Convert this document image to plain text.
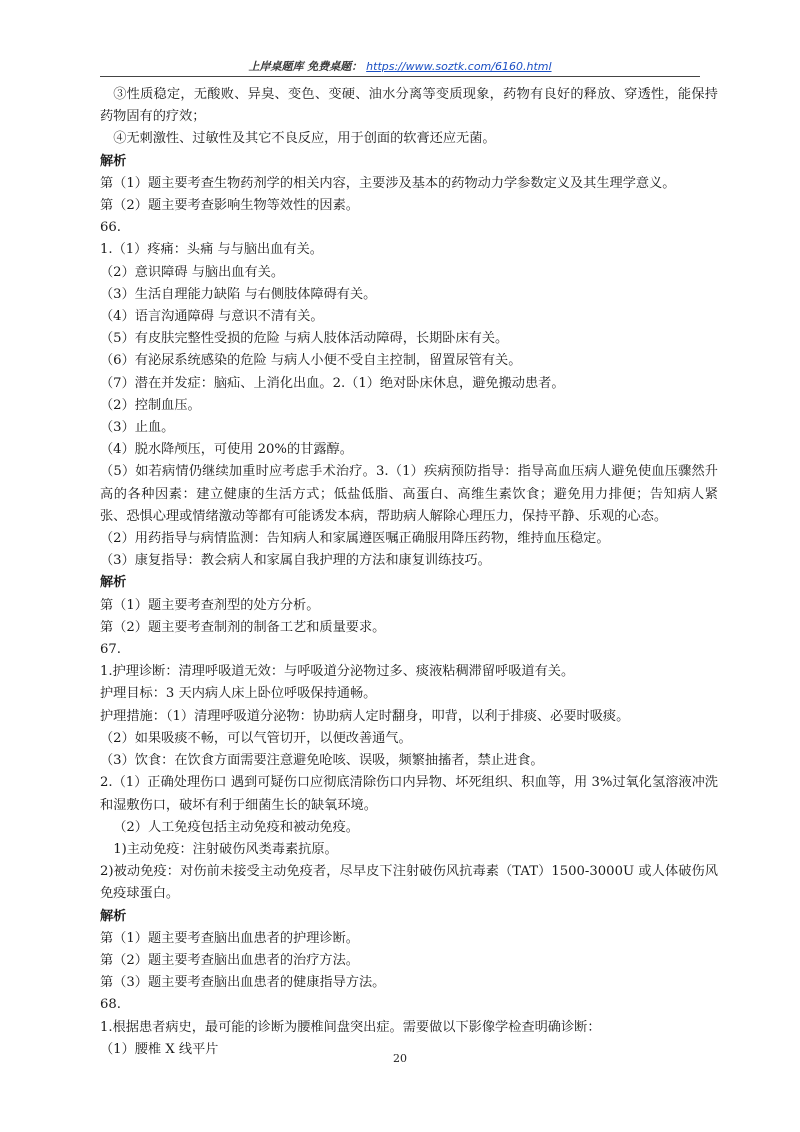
上岸桌题库 免费桌题： https://www.soztk.com/6160.html
③性质稳定，无酸败、异臭、变色、变硬、油水分离等变质现象，药物有良好的释放、穿透性，能保持药物固有的疗效；
④无刺激性、过敏性及其它不良反应，用于创面的软膏还应无菌。
解析
第（1）题主要考查生物药剂学的相关内容，主要涉及基本的药物动力学参数定义及其生理学意义。
第（2）题主要考查影响生物等效性的因素。
66.
1.（1）疼痛：头痛 与与脑出血有关。
（2）意识障碍 与脑出血有关。
（3）生活自理能力缺陷 与右侧肢体障碍有关。
（4）语言沟通障碍 与意识不清有关。
（5）有皮肤完整性受损的危险 与病人肢体活动障碍，长期卧床有关。
（6）有泌尿系统感染的危险 与病人小便不受自主控制，留置尿管有关。
（7）潜在并发症：脑疝、上消化出血。2.（1）绝对卧床休息，避免搬动患者。
（2）控制血压。
（3）止血。
（4）脱水降颅压，可使用 20%的甘露醇。
（5）如若病情仍继续加重时应考虑手术治疗。3.（1）疾病预防指导：指导高血压病人避免使血压骤然升高的各种因素：建立健康的生活方式；低盐低脂、高蛋白、高维生素饮食；避免用力排便；告知病人紧张、恐惧心理或情绪激动等都有可能诱发本病，帮助病人解除心理压力，保持平静、乐观的心态。
（2）用药指导与病情监测：告知病人和家属遵医嘱正确服用降压药物，维持血压稳定。
（3）康复指导：教会病人和家属自我护理的方法和康复训练技巧。
解析
第（1）题主要考查剂型的处方分析。
第（2）题主要考查制剂的制备工艺和质量要求。
67.
1.护理诊断：清理呼吸道无效：与呼吸道分泌物过多、痰液粘稠滞留呼吸道有关。
护理目标：3 天内病人床上卧位呼吸保持通畅。
护理措施：（1）清理呼吸道分泌物：协助病人定时翻身，叩背，以利于排痰、必要时吸痰。
（2）如果吸痰不畅，可以气管切开，以便改善通气。
（3）饮食：在饮食方面需要注意避免呛咳、误吸，频繁抽搐者，禁止进食。
2.（1）正确处理伤口 遇到可疑伤口应彻底清除伤口内异物、坏死组织、积血等，用 3%过氧化氢溶液冲洗和湿敷伤口，破坏有利于细菌生长的缺氧环境。
（2）人工免疫包括主动免疫和被动免疫。
1)主动免疫：注射破伤风类毒素抗原。
2)被动免疫：对伤前未接受主动免疫者，尽早皮下注射破伤风抗毒素（TAT）1500-3000U 或人体破伤风免疫球蛋白。
解析
第（1）题主要考查脑出血患者的护理诊断。
第（2）题主要考查脑出血患者的治疗方法。
第（3）题主要考查脑出血患者的健康指导方法。
68.
1.根据患者病史，最可能的诊断为腰椎间盘突出症。需要做以下影像学检查明确诊断：
（1）腰椎 X 线平片
20
